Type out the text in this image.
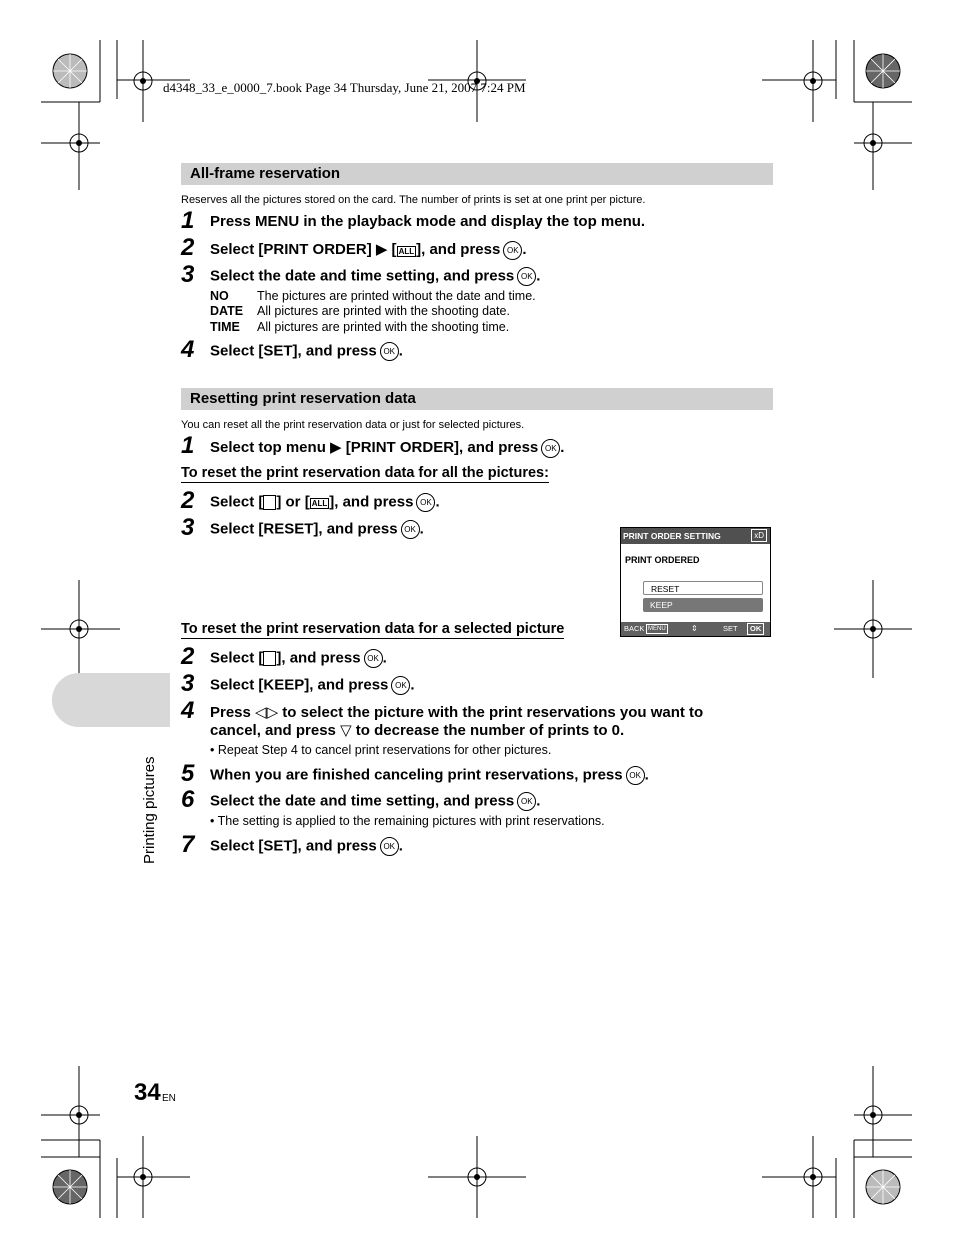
d4348_33_e_0000_7.book Page 34 Thursday, June 21, 2007 7:24 PM
All-frame reservation
Reserves all the pictures stored on the card. The number of prints is set at one print per picture.
1 Press MENU in the playback mode and display the top menu.
2 Select [PRINT ORDER] ▶ [ ALL ], and press OK .
3 Select the date and time setting, and press OK .
NO The pictures are printed without the date and time.
DATE All pictures are printed with the shooting date.
TIME All pictures are printed with the shooting time.
4 Select [SET], and press OK .
Resetting print reservation data
You can reset all the print reservation data or just for selected pictures.
1 Select top menu ▶ [PRINT ORDER], and press OK .
To reset the print reservation data for all the pictures:
2 Select [ ] or [ ALL ], and press OK .
3 Select [RESET], and press OK .	PRINT ORDER SETTING	xD
PRINT ORDERED
RESET
KEEP
BACK MENU	⇕	SET	OK
To reset the print reservation data for a selected picture
2 Select [ ], and press OK .
3 Select [KEEP], and press OK .
4 Press ◁▷ to select the picture with the print reservations you want to
cancel, and press ▽ to decrease the number of prints to 0.
• Repeat Step 4 to cancel print reservations for other pictures.
5 When you are finished canceling print reservations, press OK .
6 Select the date and time setting, and press OK .
• The setting is applied to the remaining pictures with print reservations.
7 Select [SET], and press OK .
Printing pictures
34 EN
